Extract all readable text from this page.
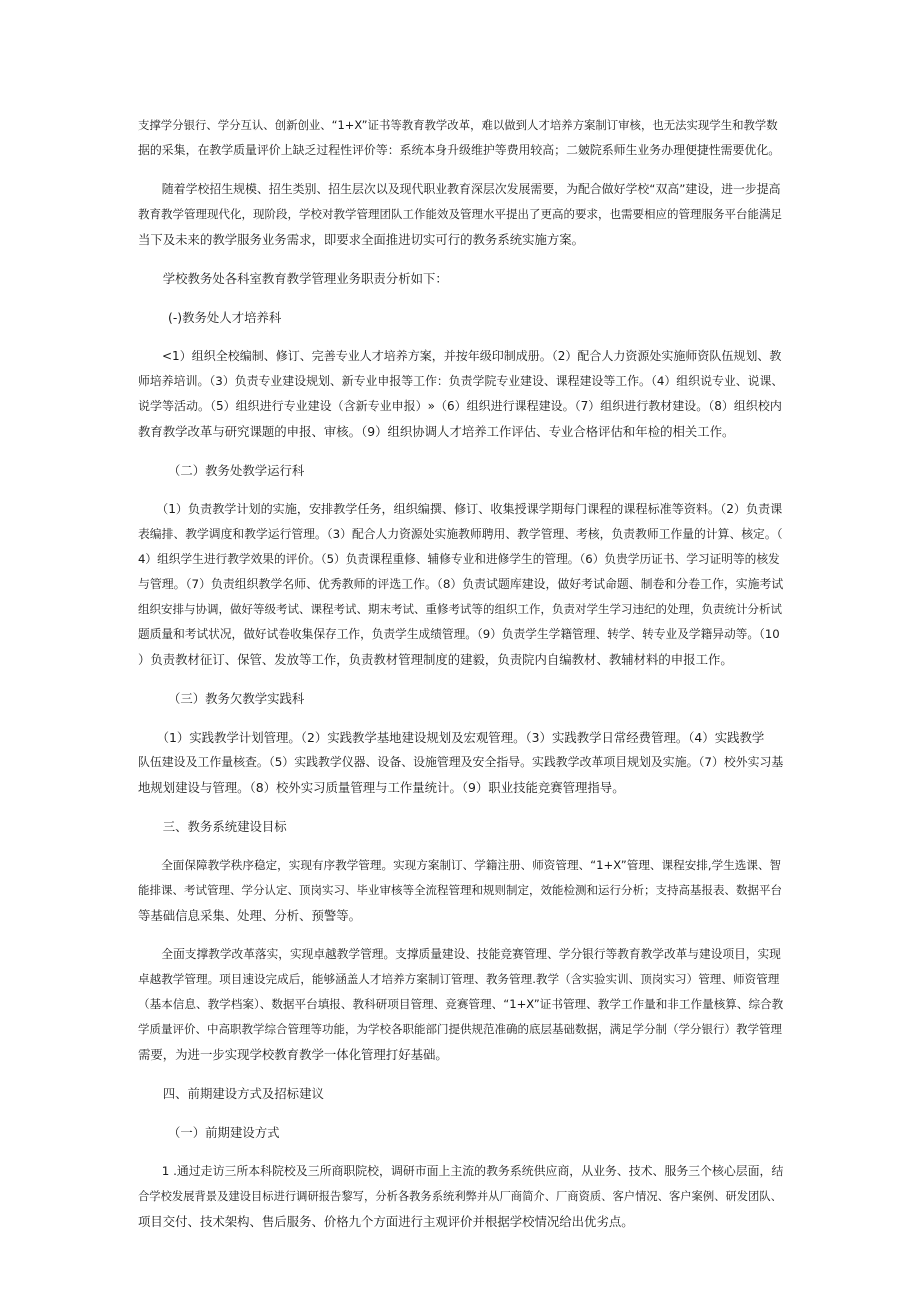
支撑学分银行、学分互认、创新创业、“1+X”证书等教育教学改革，难以做到人才培养方案制订审核，也无法实现学生和教学数
据的采集，在教学质量评价上缺乏过程性评价等：系统本身升级维护等费用较高；二皴院系师生业务办理便捷性需要优化。
　　随着学校招生规模、招生类别、招生层次以及现代职业教育深层次发展需要，为配合做好学校“双高”建设，进一步提高
教育教学管理现代化，现阶段，学校对教学管理团队工作能效及管理水平提出了更高的要求，也需要相应的管理服务平台能满足
当下及未来的教学服务业务需求，即要求全面推进切实可行的教务系统实施方案。
　　学校教务处各科室教育教学管理业务职责分析如下：
(-)教务处人才培养科
　　<1）组织全校编制、修订、完善专业人才培养方案，并按年级印制成册。（2）配合人力资源处实施师资队伍规划、教
师培养培训。（3）负责专业建设规划、新专业申报等工作：负责学院专业建设、课程建设等工作。（4）组织说专业、说课、
说学等活动。（5）组织进行专业建设（含新专业申报）»（6）组织进行课程建设。（7）组织进行教材建设。（8）组织校内
教育教学改革与研究课题的申报、审核。（9）组织协调人才培养工作评估、专业合格评估和年检的相关工作。
（二）教务处教学运行科
　　（1）负责教学计划的实施，安排教学任务，组织编撰、修订、收集授课学期每门课程的课程标准等资料。（2）负责课
表编排、教学调度和教学运行管理。（3）配合人力资源处实施教师聘用、教学管理、考核，负责教师工作量的计算、核定。（
4）组织学生进行教学效果的评价。（5）负责课程重修、辅修专业和进修学生的管理。（6）负贵学历证书、学习证明等的核发
与管理。（7）负责组织教学名师、优秀教师的评选工作。（8）负责试题库建设，做好考试命题、制卷和分卷工作，实施考试
组织安排与协调，做好等级考试、课程考试、期末考试、重修考试等的组织工作，负责对学生学习违纪的处理，负责统计分析试
题质量和考试状况，做好试卷收集保存工作，负责学生成绩管理。（9）负责学生学籍管理、转学、转专业及学籍异动等。（10
）负责教材征订、保管、发放等工作，负责教材管理制度的建毅，负责院内自编教材、教辅材料的申报工作。
（三）教务欠教学实践科
　　（1）实践教学计划管理。（2）实践教学基地建设规划及宏观管理。（3）实践教学日常经费管理。（4）实践教学
队伍建设及工作量核查。（5）实践教学仪器、设备、设施管理及安全指导。实践教学改革项目规划及实施。（7）校外实习基
地规划建设与管理。（8）校外实习质量管理与工作量统计。（9）职业技能竞赛管理指导。
　　三、教务系统建设目标
　　全面保障教学秩序稳定，实现有序教学管理。实现方案制订、学籍注册、师资管理、“1+X”管理、课程安排,学生选课、智
能排课、考试管理、学分认定、顶岗实习、毕业审核等全流程管理和规则制定，效能检测和运行分析；支持高基报表、数据平台
等基础信息采集、处理、分析、预警等。
　　全面支撑教学改革落实，实现卓越教学管理。支撑质量建设、技能竞赛管理、学分银行等教育教学改革与建设项目，实现
卓越教学管理。项目速设完成后，能够涵盖人才培养方案制订管理、教务管理.教学（含实验实训、顶岗实习）管理、师资管理
（基本信息、教学档案）、数据平台填报、教科研项目管理、竞赛管理、“1+X”证书管理、教学工作量和非工作量核算、综合教
学质量评价、中高职教学综合管理等功能，为学校各职能部门提供规范准确的底层基础数据，满足学分制（学分银行）教学管理
需要，为进一步实现学校教育教学一体化管理打好基础。
　　四、前期建设方式及招标建议
（一）前期建设方式
　　1 .通过走访三所本科院校及三所商职院校，调研市面上主流的教务系统供应商，从业务、技术、服务三个核心层面，结
合学校发展背景及建设目标进行调研报告黎写，分析各教务系统利弊并从厂商简介、厂商资质、客户情况、客户案例、研发团队、
项目交付、技术架构、售后服务、价格九个方面进行主观评价并根据学校情况给出优劣点。
